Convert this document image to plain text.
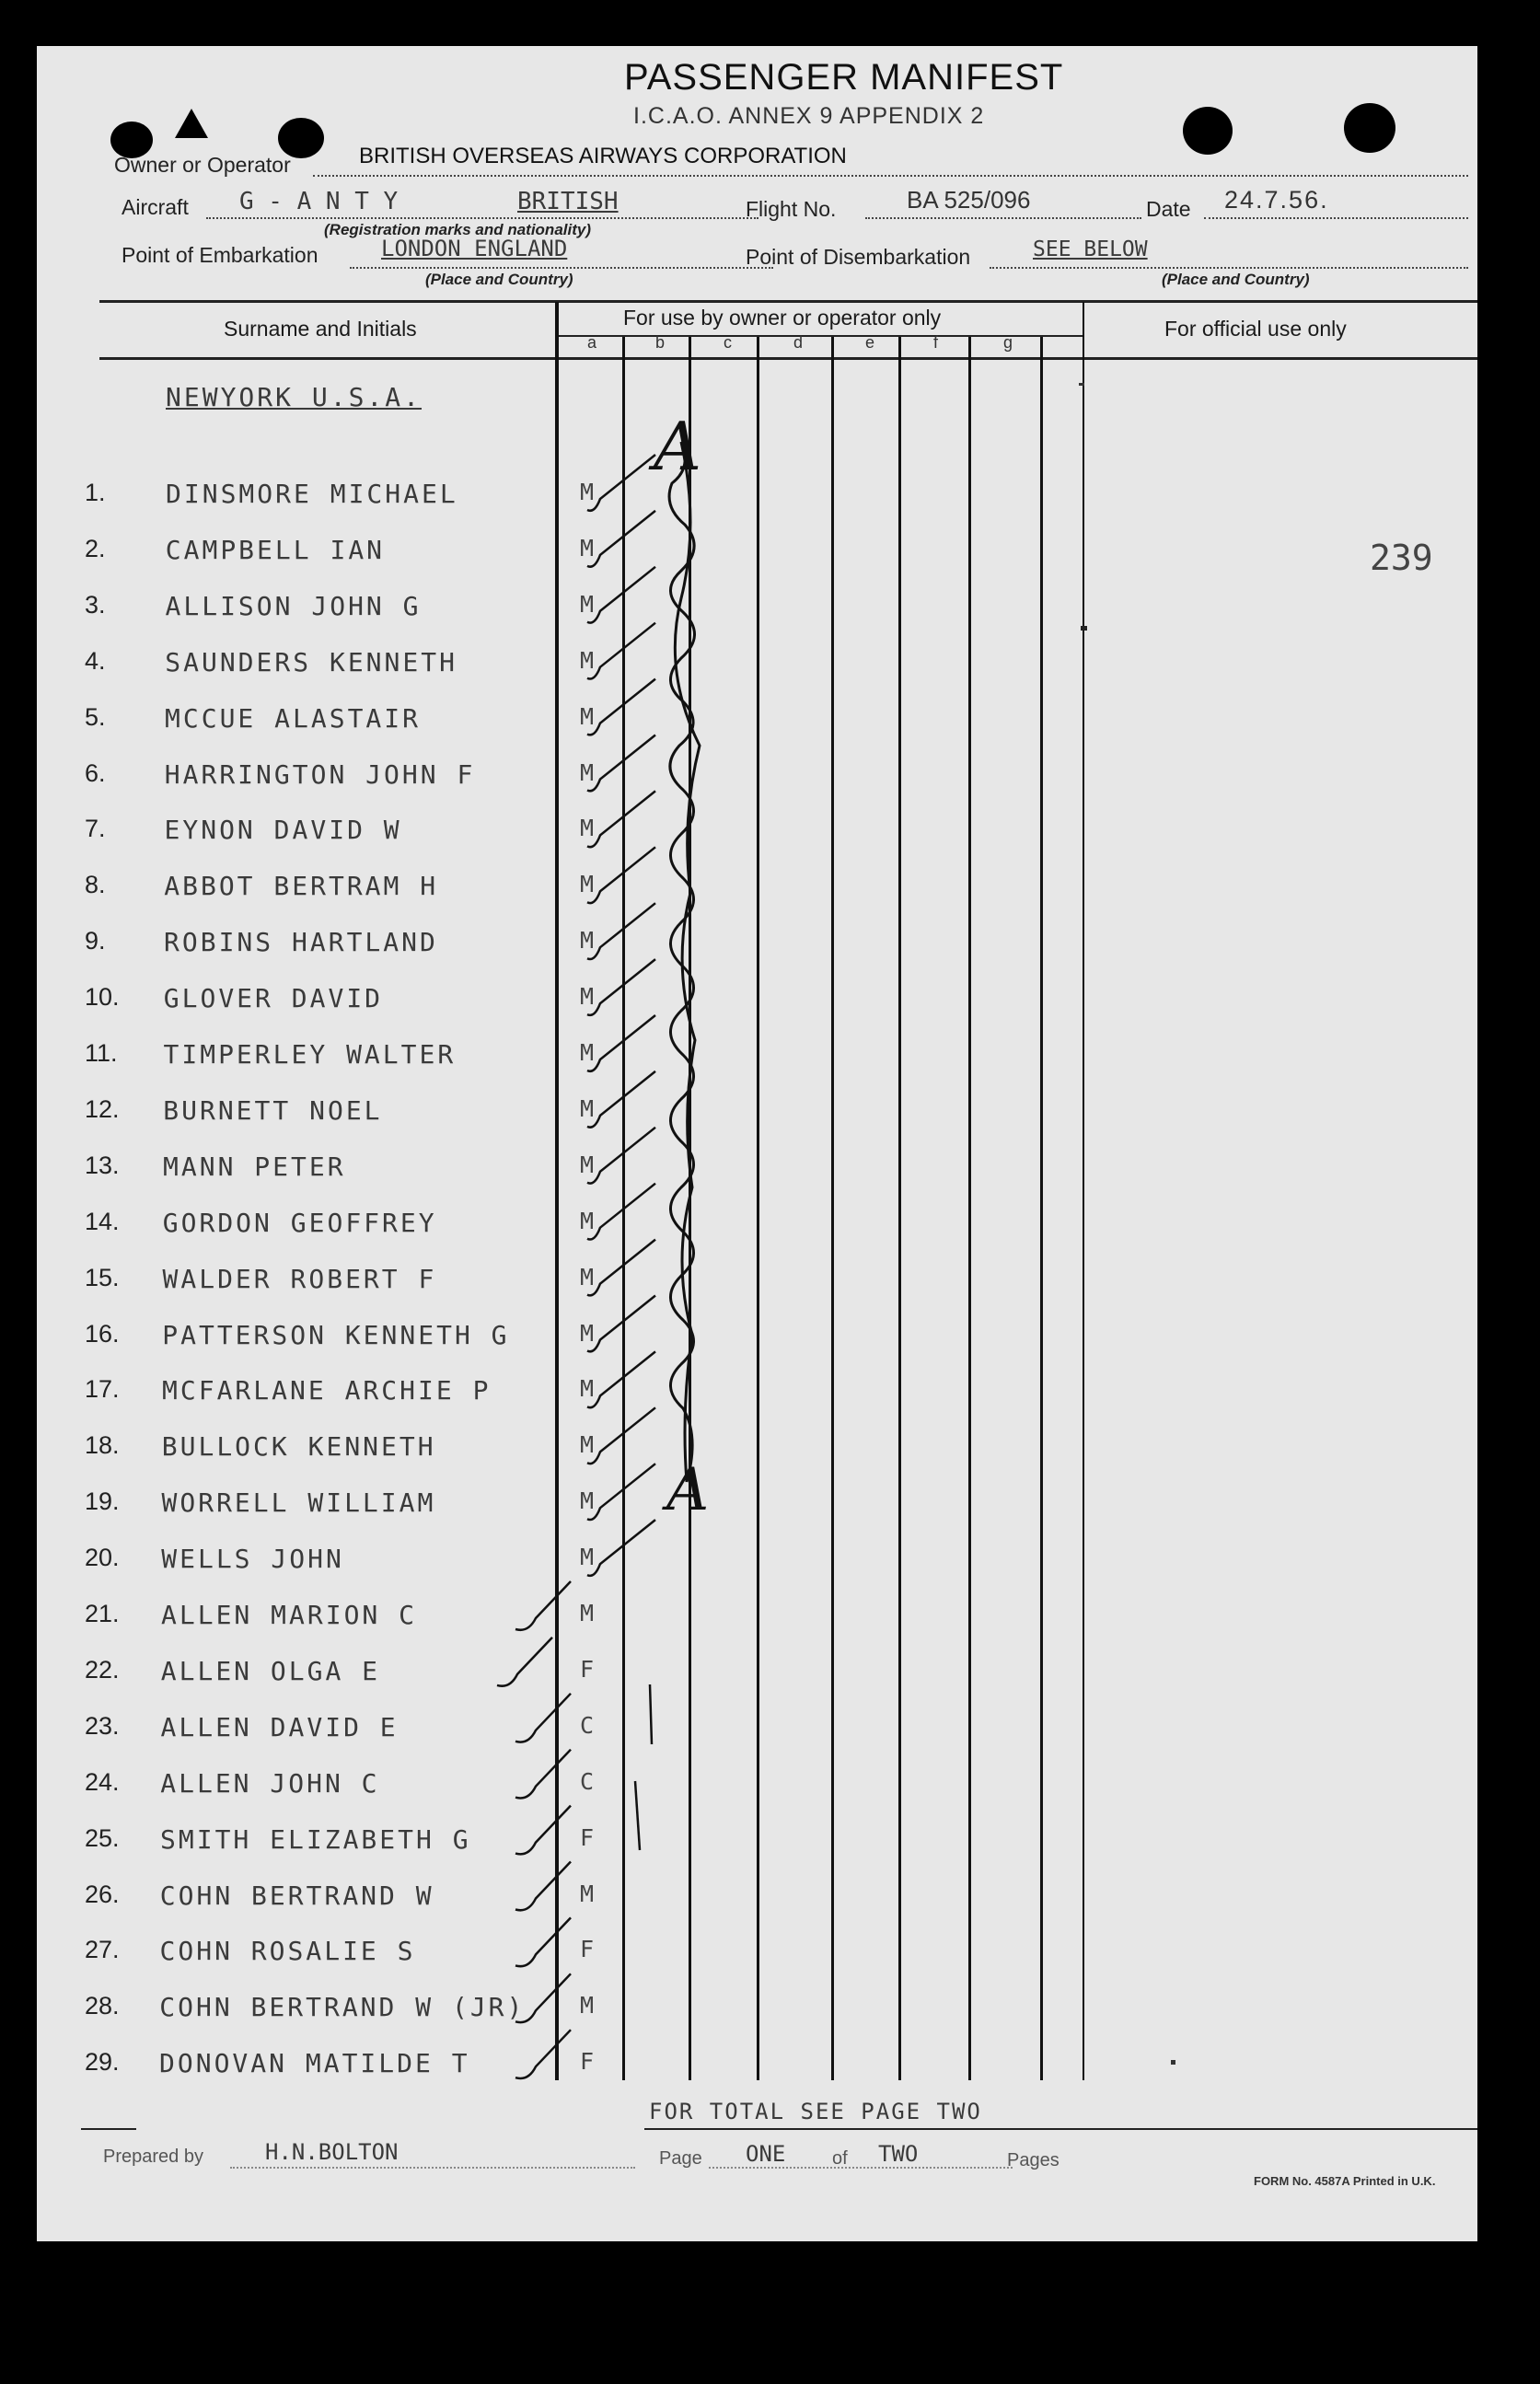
PASSENGER MANIFEST
I.C.A.O. ANNEX 9 APPENDIX 2
Owner or Operator	BRITISH OVERSEAS AIRWAYS CORPORATION
Aircraft G - A N T Y	BRITISH
(Registration marks and nationality)
Flight No.	BA 525/096	Date 24.7.56.
Point of Embarkation	LONDON ENGLAND
(Place and Country)
Point of Disembarkation	SEE BELOW
(Place and Country)
Surname and Initials	For use by owner or operator only	For official use only
a	b	c	d	e	f	g
NEWYORK U.S.A.
239
1.	DINSMORE MICHAEL	M
2.	CAMPBELL IAN	M
3.	ALLISON JOHN G	M
4.	SAUNDERS KENNETH	M
5.	MCCUE ALASTAIR	M
6.	HARRINGTON JOHN F	M
7.	EYNON DAVID W	M
8.	ABBOT BERTRAM H	M
9.	ROBINS HARTLAND	M
10.	GLOVER DAVID	M
11.	TIMPERLEY WALTER	M
12.	BURNETT NOEL	M
13.	MANN PETER	M
14.	GORDON GEOFFREY	M
15.	WALDER ROBERT F	M
16.	PATTERSON KENNETH G	M
17.	MCFARLANE ARCHIE P	M
18.	BULLOCK KENNETH	M
19.	WORRELL WILLIAM	M
20.	WELLS JOHN	M
21.	ALLEN MARION C	M
22.	ALLEN OLGA E	F
23.	ALLEN DAVID E	C
24.	ALLEN JOHN C	C
25.	SMITH ELIZABETH G	F
26.	COHN BERTRAND W	M
27.	COHN ROSALIE S	F
28.	COHN BERTRAND W (JR) M
29.	DONOVAN MATILDE T	F
A
A
FOR TOTAL SEE PAGE TWO
Prepared by	H.N.BOLTON	Page ONE	of TWO	Pages
FORM No. 4587A Printed in U.K.
